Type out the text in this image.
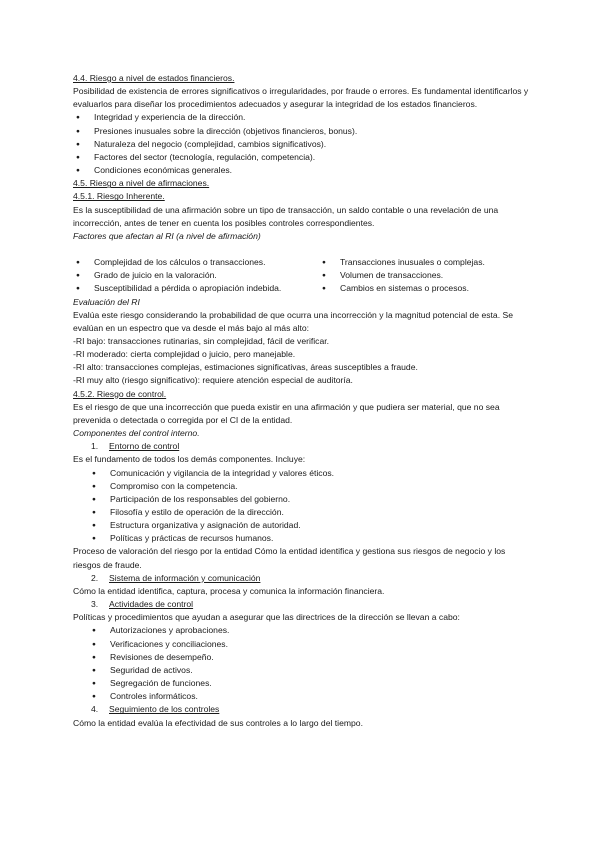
4.4. Riesgo a nivel de estados financieros.

Posibilidad de existencia de errores significativos o irregularidades, por fraude o errores. Es fundamental identificarlos y evaluarlos para diseñar los procedimientos adecuados y asegurar la integridad de los estados financieros.

● Integridad y experiencia de la dirección.
● Presiones inusuales sobre la dirección (objetivos financieros, bonus).
● Naturaleza del negocio (complejidad, cambios significativos).
● Factores del sector (tecnología, regulación, competencia).
● Condiciones económicas generales.
4.5. Riesgo a nivel de afirmaciones.
4.5.1. Riesgo Inherente.

Es la susceptibilidad de una afirmación sobre un tipo de transacción, un saldo contable o una revelación de una incorrección, antes de tener en cuenta los posibles controles correspondientes.

Factores que afectan al RI (a nivel de afirmación)
● Complejidad de los cálculos o transacciones.
● Grado de juicio en la valoración.
● Susceptibilidad a pérdida o apropiación indebida.
● Transacciones inusuales o complejas.
● Volumen de transacciones.
● Cambios en sistemas o procesos.
Evaluación del RI

Evalúa este riesgo considerando la probabilidad de que ocurra una incorrección y la magnitud potencial de esta. Se evalúan en un espectro que va desde el más bajo al más alto:

-RI bajo: transacciones rutinarias, sin complejidad, fácil de verificar.
-RI moderado: cierta complejidad o juicio, pero manejable.
-RI alto: transacciones complejas, estimaciones significativas, áreas susceptibles a fraude.
-RI muy alto (riesgo significativo): requiere atención especial de auditoría.
4.5.2. Riesgo de control.

Es el riesgo de que una incorrección que pueda existir en una afirmación y que pudiera ser material, que no sea prevenida o detectada o corregida por el CI de la entidad.

Componentes del control interno.
1. Entorno de control

Es el fundamento de todos los demás componentes. Incluye:

● Comunicación y vigilancia de la integridad y valores éticos.
● Compromiso con la competencia.
● Participación de los responsables del gobierno.
● Filosofía y estilo de operación de la dirección.
● Estructura organizativa y asignación de autoridad.
● Políticas y prácticas de recursos humanos.

Proceso de valoración del riesgo por la entidad Cómo la entidad identifica y gestiona sus riesgos de negocio y los riesgos de fraude.

2. Sistema de información y comunicación

Cómo la entidad identifica, captura, procesa y comunica la información financiera.

3. Actividades de control

Políticas y procedimientos que ayudan a asegurar que las directrices de la dirección se llevan a cabo:

● Autorizaciones y aprobaciones.
● Verificaciones y conciliaciones.
● Revisiones de desempeño.
● Seguridad de activos.
● Segregación de funciones.
● Controles informáticos.
4. Seguimiento de los controles

Cómo la entidad evalúa la efectividad de sus controles a lo largo del tiempo.
